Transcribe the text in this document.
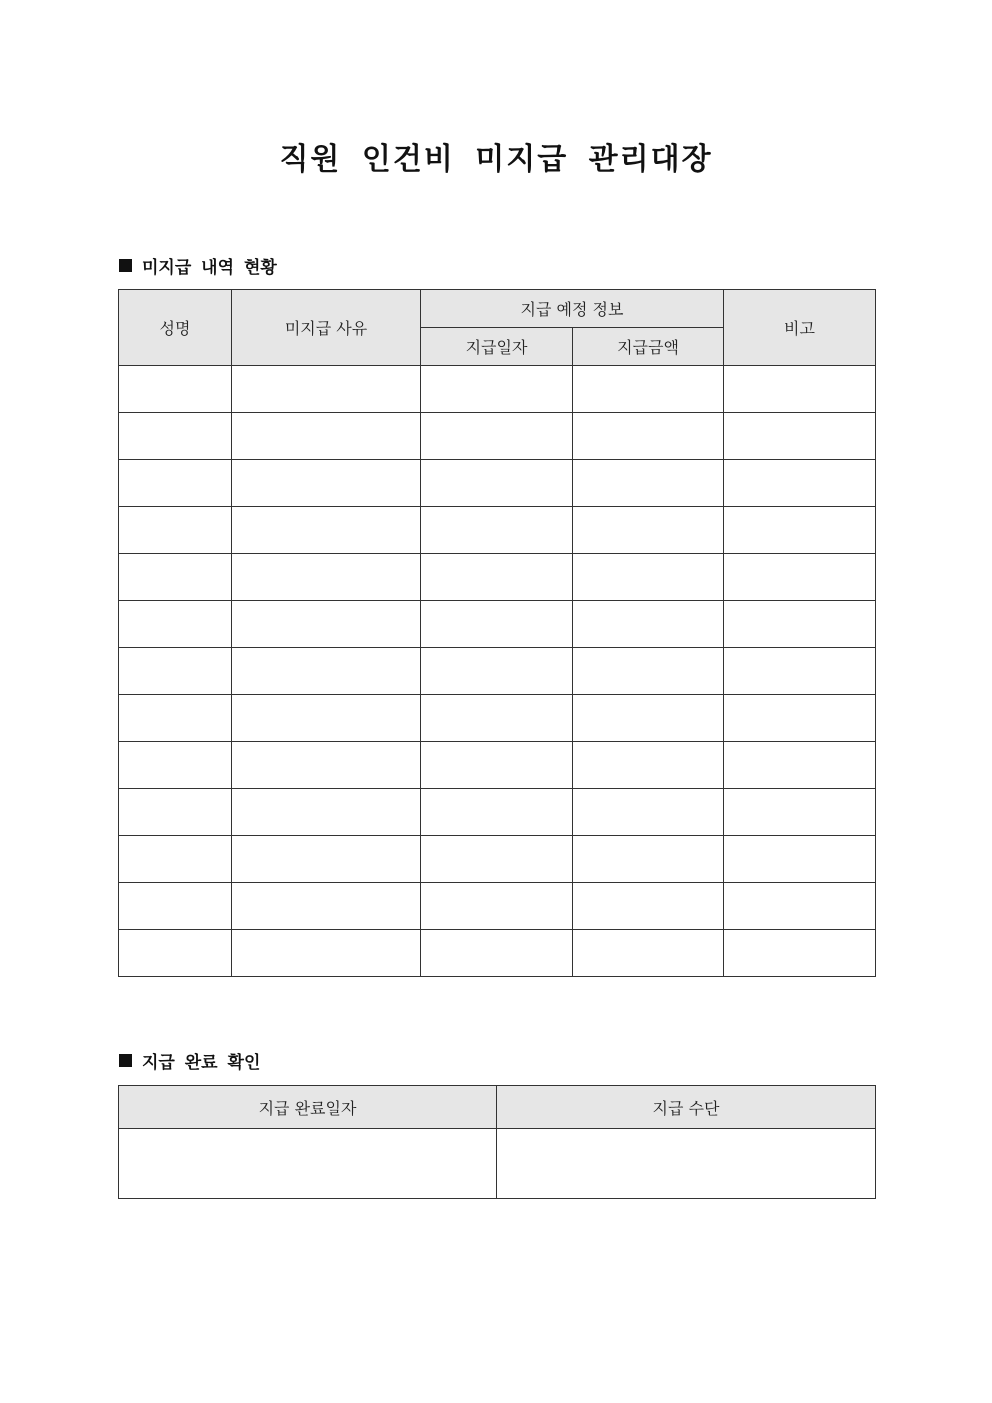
직원 인건비 미지급 관리대장
미지급 내역 현황
성명	미지급 사유	지급 예정 정보		비고
		지급일자	지급금액	

지급 완료 확인
지급 완료일자	지급 수단
